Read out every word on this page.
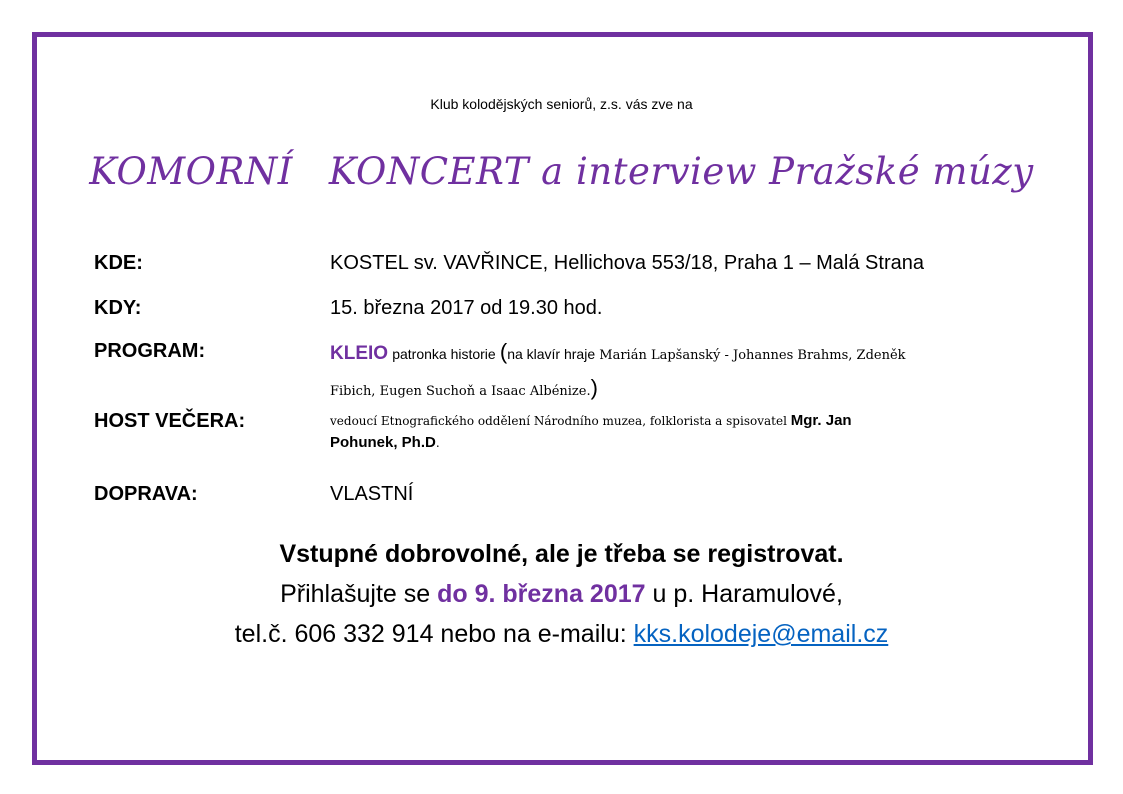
Klub kolodějských seniorů, z.s. vás zve na
KOMORNÍ KONCERT a interview Pražské múzy
KDE:	KOSTEL sv. VAVŘINCE, Hellichova 553/18, Praha 1 – Malá Strana
KDY:	15. března 2017 od 19.30 hod.
PROGRAM:	KLEIO patronka historie (na klavír hraje Marián Lapšanský - Johannes Brahms, Zdeněk
Fibich, Eugen Suchoň a Isaac Albénize.)
HOST VEČERA:	vedoucí Etnografického oddělení Národního muzea, folklorista a spisovatel Mgr. Jan
Pohunek, Ph.D.
DOPRAVA:	VLASTNÍ
Vstupné dobrovolné, ale je třeba se registrovat.
Přihlašujte se do 9. března 2017 u p. Haramulové,
tel.č. 606 332 914 nebo na e-mailu: kks.kolodeje@email.cz
